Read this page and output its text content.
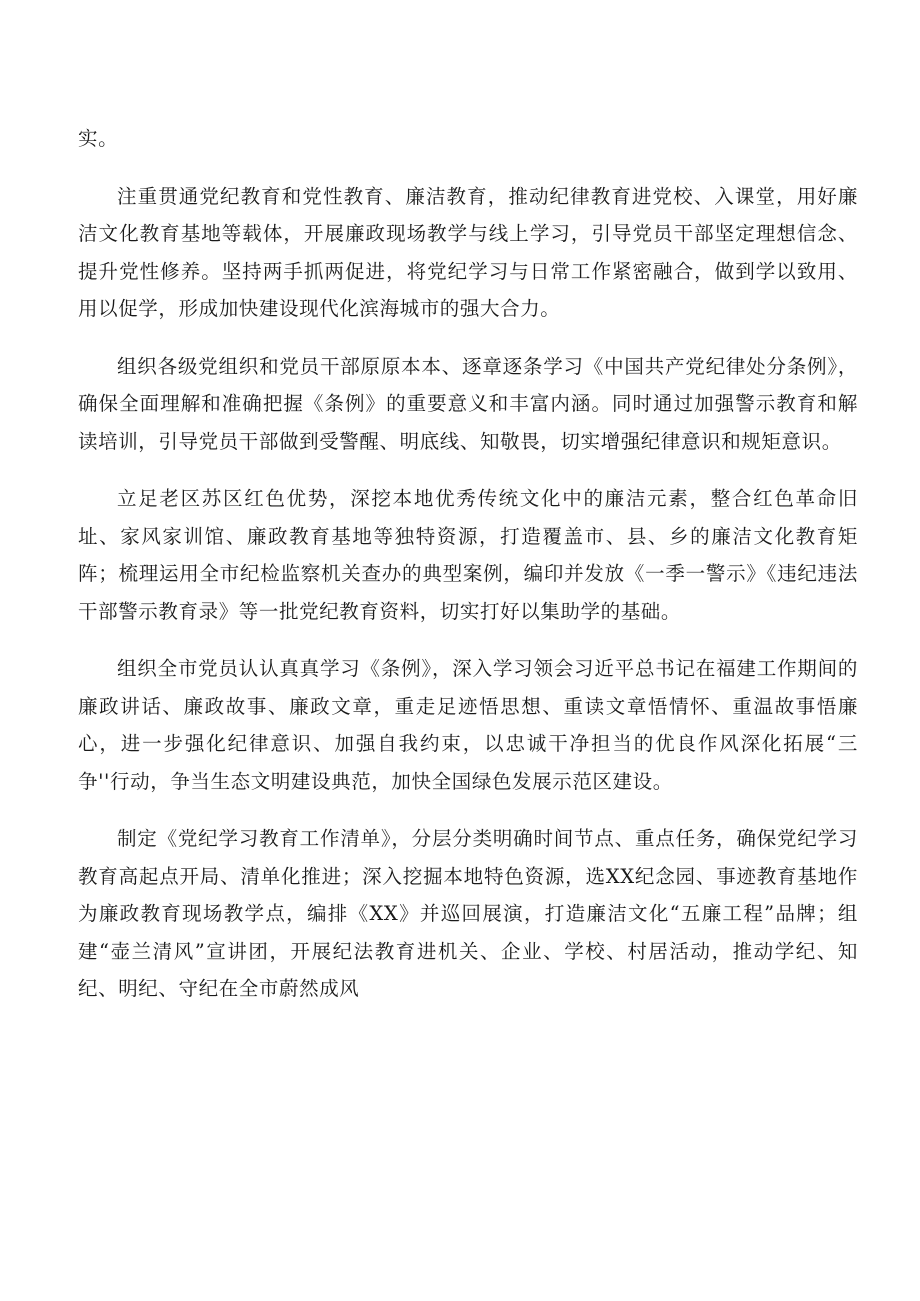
实。

注重贯通党纪教育和党性教育、廉洁教育，推动纪律教育进党校、入课堂，用好廉洁文化教育基地等载体，开展廉政现场教学与线上学习，引导党员干部坚定理想信念、提升党性修养。坚持两手抓两促进，将党纪学习与日常工作紧密融合，做到学以致用、用以促学，形成加快建设现代化滨海城市的强大合力。

组织各级党组织和党员干部原原本本、逐章逐条学习《中国共产党纪律处分条例》，确保全面理解和准确把握《条例》的重要意义和丰富内涵。同时通过加强警示教育和解读培训，引导党员干部做到受警醒、明底线、知敬畏，切实增强纪律意识和规矩意识。

立足老区苏区红色优势，深挖本地优秀传统文化中的廉洁元素，整合红色革命旧址、家风家训馆、廉政教育基地等独特资源，打造覆盖市、县、乡的廉洁文化教育矩阵；梳理运用全市纪检监察机关查办的典型案例，编印并发放《一季一警示》《违纪违法干部警示教育录》等一批党纪教育资料，切实打好以集助学的基础。

组织全市党员认认真真学习《条例》，深入学习领会习近平总书记在福建工作期间的廉政讲话、廉政故事、廉政文章，重走足迹悟思想、重读文章悟情怀、重温故事悟廉心，进一步强化纪律意识、加强自我约束，以忠诚干净担当的优良作风深化拓展“三争''行动，争当生态文明建设典范，加快全国绿色发展示范区建设。

制定《党纪学习教育工作清单》，分层分类明确时间节点、重点任务，确保党纪学习教育高起点开局、清单化推进；深入挖掘本地特色资源，选XX纪念园、事迹教育基地作为廉政教育现场教学点，编排《XX》并巡回展演，打造廉洁文化“五廉工程”品牌；组建“壶兰清风”宣讲团，开展纪法教育进机关、企业、学校、村居活动，推动学纪、知纪、明纪、守纪在全市蔚然成风
